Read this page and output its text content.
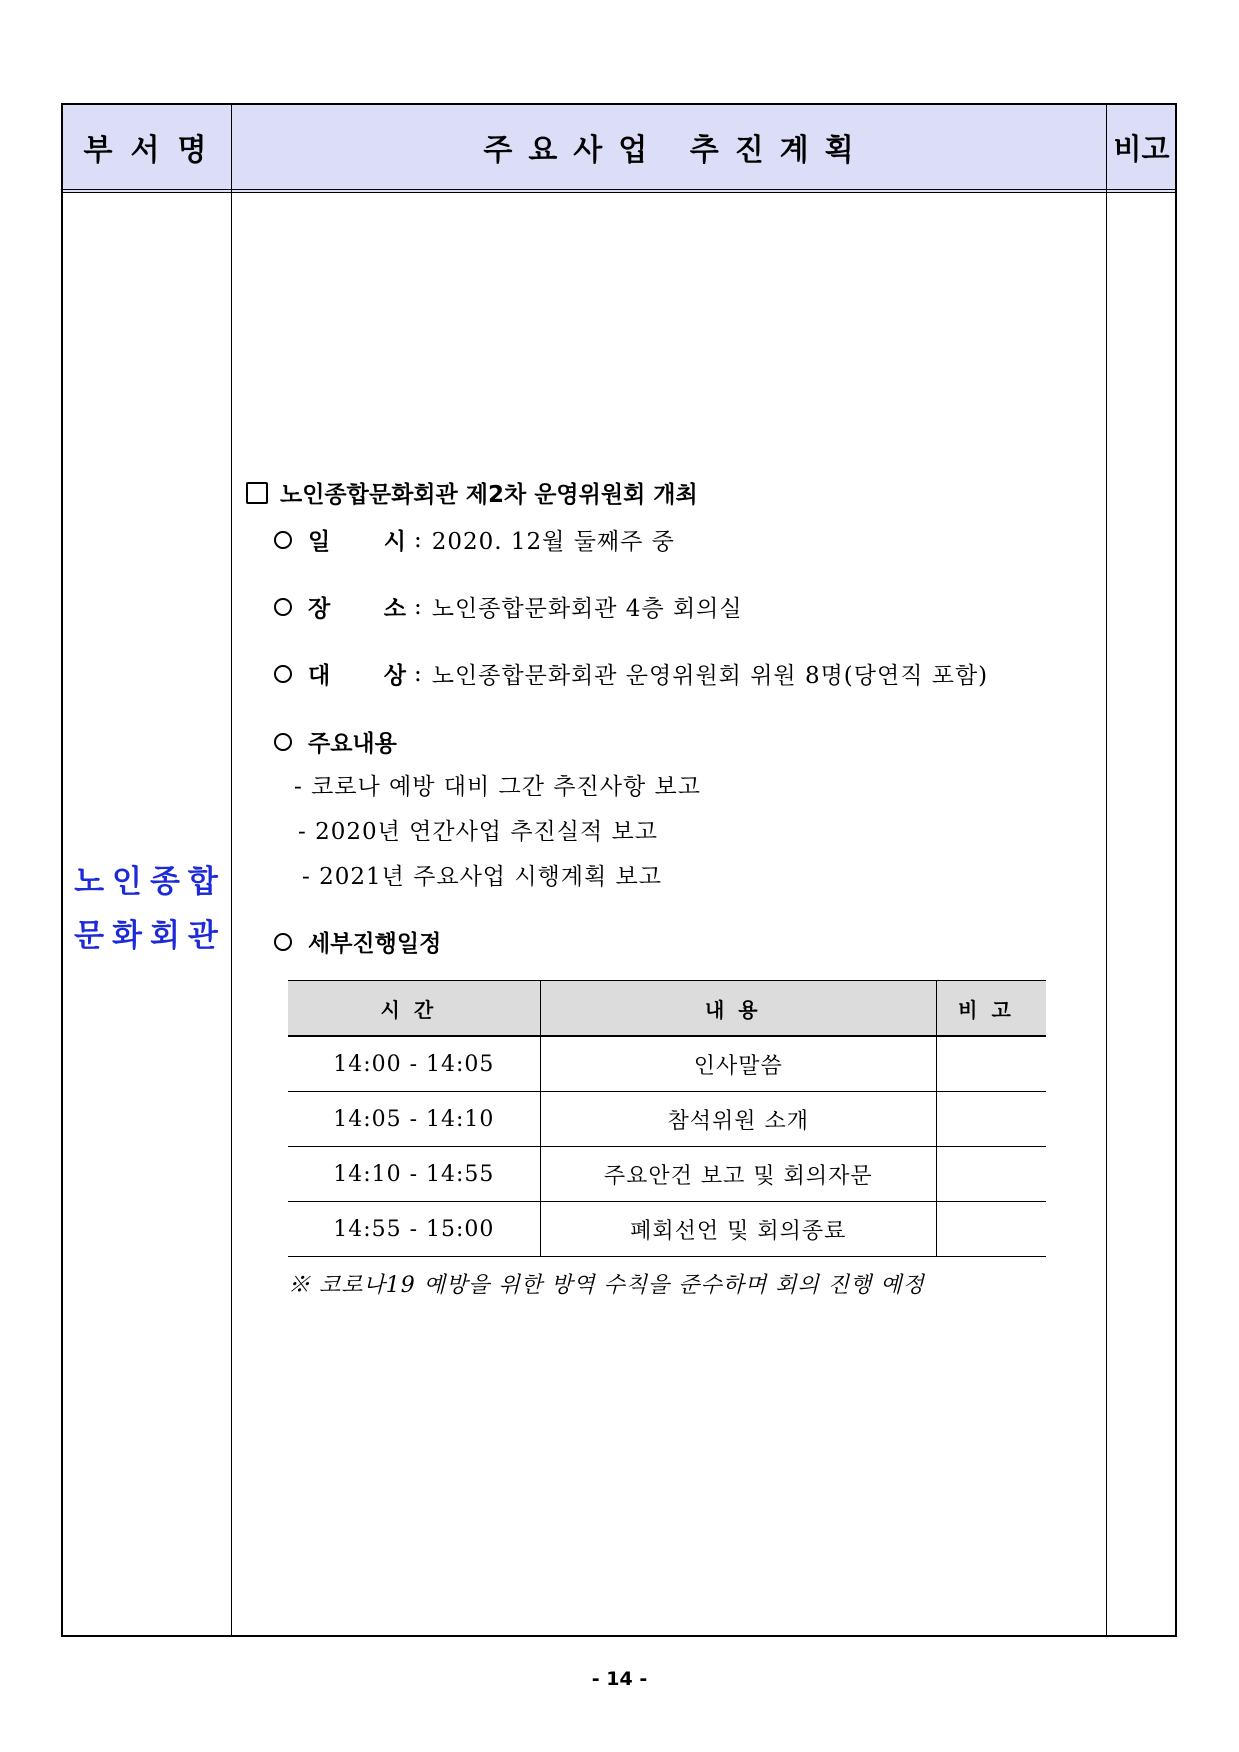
부서명	주요사업 추진계획	비고
노인종합
문화회관
노인종합문화회관 제2차 운영위원회 개최
일 시 : 2020. 12월 둘째주 중
장 소 : 노인종합문화회관 4층 회의실
대 상 : 노인종합문화회관 운영위원회 위원 8명(당연직 포함)
주요내용
- 코로나 예방 대비 그간 추진사항 보고
- 2020년 연간사업 추진실적 보고
- 2021년 주요사업 시행계획 보고
세부진행일정
시간	내용	비고
14:00 - 14:05	인사말씀	
14:05 - 14:10	참석위원 소개	
14:10 - 14:55	주요안건 보고 및 회의자문	
14:55 - 15:00	폐회선언 및 회의종료	
※ 코로나19 예방을 위한 방역 수칙을 준수하며 회의 진행 예정
- 14 -
